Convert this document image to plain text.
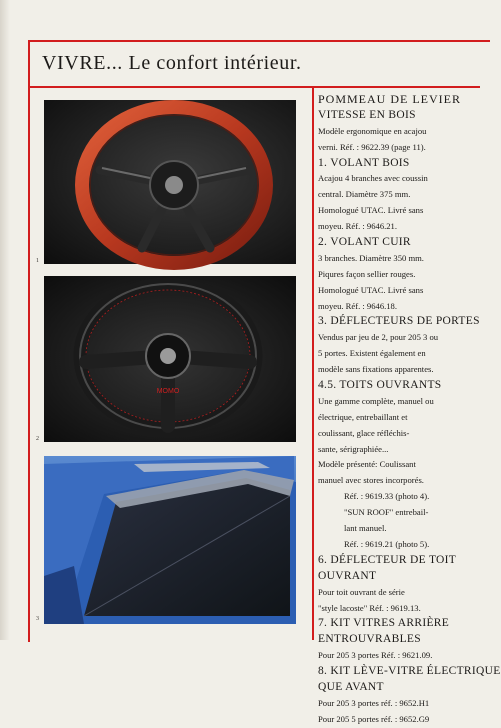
VIVRE... Le confort intérieur.
1
MOMO
2
3
POMMEAU DE LEVIER
VITESSE EN BOIS
Modèle ergonomique en acajou
verni. Réf. : 9622.39 (page 11).
1. VOLANT BOIS
Acajou 4 branches avec coussin
central. Diamètre 375 mm.
Homologué UTAC. Livré sans
moyeu. Réf. : 9646.21.
2. VOLANT CUIR
3 branches. Diamètre 350 mm.
Piqures façon sellier rouges.
Homologué UTAC. Livré sans
moyeu. Réf. : 9646.18.
3. DÉFLECTEURS DE PORTES
Vendus par jeu de 2, pour 205 3 ou
5 portes. Existent également en
modèle sans fixations apparentes.
4.5. TOITS OUVRANTS
Une gamme complète, manuel ou
électrique, entrebaillant et
coulissant, glace réfléchis-
sante, sérigraphiée...
Modèle présenté: Coulissant
manuel avec stores incorporés.
Réf. : 9619.33 (photo 4).
"SUN ROOF" entrebail-
lant manuel.
Réf. : 9619.21 (photo 5).
6. DÉFLECTEUR DE TOIT
OUVRANT
Pour toit ouvrant de série
"style lacoste" Réf. : 9619.13.
7. KIT VITRES ARRIÈRE
ENTROUVRABLES
Pour 205 3 portes Réf. : 9621.09.
8. KIT LÈVE-VITRE ÉLECTRIQUE
QUE AVANT
Pour 205 3 portes réf. : 9652.H1
Pour 205 5 portes réf. : 9652.G9
